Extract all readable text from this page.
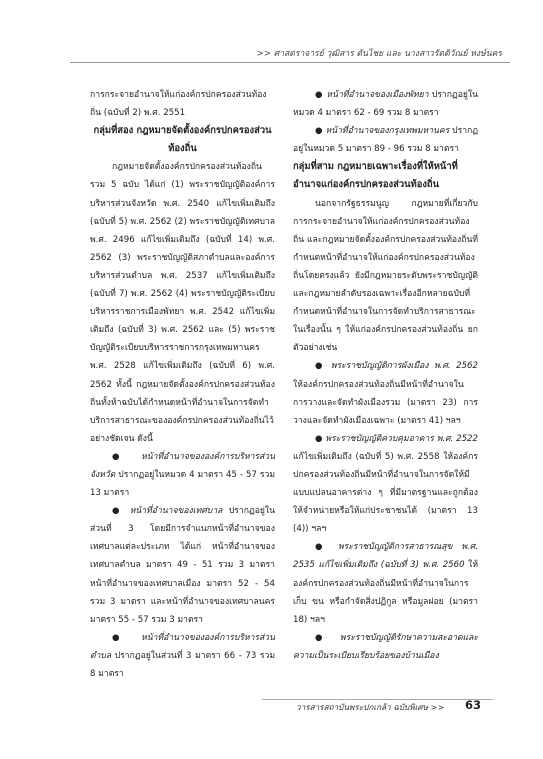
>> ศาสตราจารย์ วุฒิสาร ตันไชย และ นางสาวรัตติวัณย์ หงษ์นคร

การกระจายอำนาจให้แก่องค์กรปกครองส่วนท้องถิ่น (ฉบับที่ 2) พ.ศ. 2551

กลุ่มที่สอง กฎหมายจัดตั้งองค์กรปกครองส่วนท้องถิ่น

กฎหมายจัดตั้งองค์กรปกครองส่วนท้องถิ่นรวม 5 ฉบับ ได้แก่ (1) พระราชบัญญัติองค์การบริหารส่วนจังหวัด พ.ศ. 2540 แก้ไขเพิ่มเติมถึง (ฉบับที่ 5) พ.ศ. 2562 (2) พระราชบัญญัติเทศบาล พ.ศ. 2496 แก้ไขเพิ่มเติมถึง (ฉบับที่ 14) พ.ศ. 2562 (3) พระราชบัญญัติสภาตำบลและองค์การบริหารส่วนตำบล พ.ศ. 2537 แก้ไขเพิ่มเติมถึง (ฉบับที่ 7) พ.ศ. 2562 (4) พระราชบัญญัติระเบียบบริหารราชการเมืองพัทยา พ.ศ. 2542 แก้ไขเพิ่มเติมถึง (ฉบับที่ 3) พ.ศ. 2562 และ (5) พระราชบัญญัติระเบียบบริหารราชการกรุงเทพมหานคร พ.ศ. 2528 แก้ไขเพิ่มเติมถึง (ฉบับที่ 6) พ.ศ. 2562 ทั้งนี้ กฎหมายจัดตั้งองค์กรปกครองส่วนท้องถิ่นทั้งห้าฉบับได้กำหนดหน้าที่อำนาจในการจัดทำบริการสาธารณะขององค์กรปกครองส่วนท้องถิ่นไว้อย่างชัดเจน ดังนี้

● หน้าที่อำนาจขององค์การบริหารส่วนจังหวัด ปรากฏอยู่ในหมวด 4 มาตรา 45 - 57 รวม 13 มาตรา

● หน้าที่อำนาจของเทศบาล ปรากฏอยู่ในส่วนที่ 3 โดยมีการจำแนกหน้าที่อำนาจของเทศบาลแต่ละประเภท ได้แก่ หน้าที่อำนาจของเทศบาลตำบล มาตรา 49 - 51 รวม 3 มาตรา หน้าที่อำนาจของเทศบาลเมือง มาตรา 52 - 54 รวม 3 มาตรา และหน้าที่อำนาจของเทศบาลนครมาตรา 55 - 57 รวม 3 มาตรา

● หน้าที่อำนาจขององค์การบริหารส่วนตำบล ปรากฏอยู่ในส่วนที่ 3 มาตรา 66 - 73 รวม 8 มาตรา

● หน้าที่อำนาจของเมืองพัทยา ปรากฏอยู่ในหมวด 4 มาตรา 62 - 69 รวม 8 มาตรา

● หน้าที่อำนาจของกรุงเทพมหานคร ปรากฏอยู่ในหมวด 5 มาตรา 89 - 96 รวม 8 มาตรา

กลุ่มที่สาม กฎหมายเฉพาะเรื่องที่ให้หน้าที่อำนาจแก่องค์กรปกครองส่วนท้องถิ่น

นอกจากรัฐธรรมนูญ กฎหมายที่เกี่ยวกับการกระจายอำนาจให้แก่องค์กรปกครองส่วนท้องถิ่น และกฎหมายจัดตั้งองค์กรปกครองส่วนท้องถิ่นที่กำหนดหน้าที่อำนาจให้แก่องค์กรปกครองส่วนท้องถิ่นโดยตรงแล้ว ยังมีกฎหมายระดับพระราชบัญญัติและกฎหมายลำดับรองเฉพาะเรื่องอีกหลายฉบับที่กำหนดหน้าที่อำนาจในการจัดทำบริการสาธารณะในเรื่องนั้น ๆ ให้แก่องค์กรปกครองส่วนท้องถิ่น ยกตัวอย่างเช่น

● พระราชบัญญัติการผังเมือง พ.ศ. 2562 ให้องค์กรปกครองส่วนท้องถิ่นมีหน้าที่อำนาจในการวางและจัดทำผังเมืองรวม (มาตรา 23) การวางและจัดทำผังเมืองเฉพาะ (มาตรา 41) ฯลฯ

● พระราชบัญญัติควบคุมอาคาร พ.ศ. 2522 แก้ไขเพิ่มเติมถึง (ฉบับที่ 5) พ.ศ. 2558 ให้องค์กรปกครองส่วนท้องถิ่นมีหน้าที่อำนาจในการจัดให้มีแบบแปลนอาคารต่าง ๆ ที่มีมาตรฐานและถูกต้องให้จำหน่ายหรือให้แก่ประชาชนได้ (มาตรา 13 (4)) ฯลฯ

● พระราชบัญญัติการสาธารณสุข พ.ศ. 2535 แก้ไขเพิ่มเติมถึง (ฉบับที่ 3) พ.ศ. 2560 ให้องค์กรปกครองส่วนท้องถิ่นมีหน้าที่อำนาจในการเก็บ ขน หรือกำจัดสิ่งปฏิกูล หรือมูลฝอย (มาตรา 18) ฯลฯ

● พระราชบัญญัติรักษาความสะอาดและความเป็นระเบียบเรียบร้อยของบ้านเมือง

วารสารสถาบันพระปกเกล้า ฉบับพิเศษ >>	63
